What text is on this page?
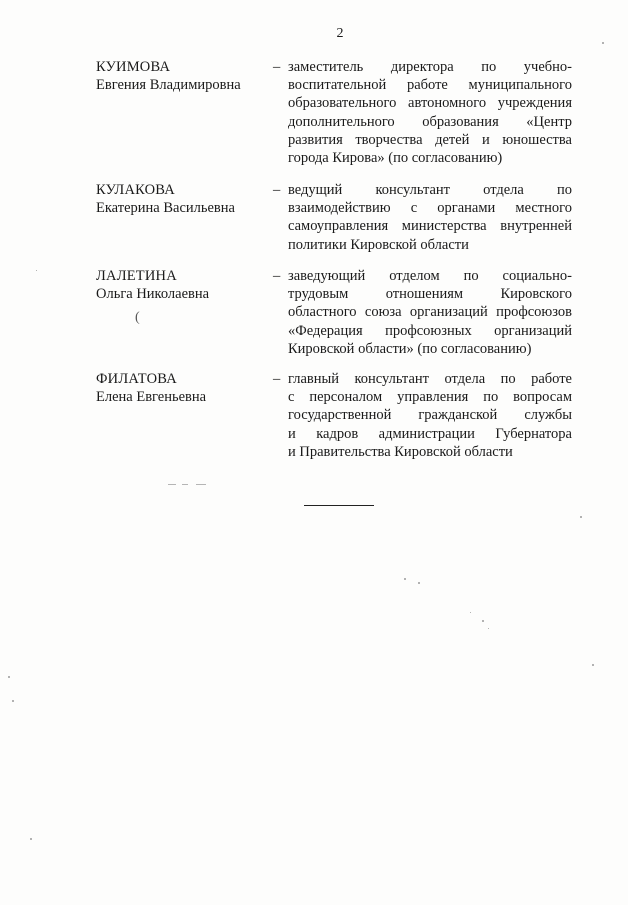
2
КУИМОВА
Евгения Владимировна
– заместитель директора по учебно-
воспитательной работе муниципального
образовательного автономного учреждения
дополнительного образования «Центр
развития творчества детей и юношества
города Кирова» (по согласованию)
КУЛАКОВА
Екатерина Васильевна
– ведущий консультант отдела по
взаимодействию с органами местного
самоуправления министерства внутренней
политики Кировской области
ЛАЛЕТИНА
Ольга Николаевна
– заведующий отделом по социально-
трудовым отношениям Кировского
областного союза организаций профсоюзов
«Федерация профсоюзных организаций
Кировской области» (по согласованию)
ФИЛАТОВА
Елена Евгеньевна
– главный консультант отдела по работе
с персоналом управления по вопросам
государственной гражданской службы
и кадров администрации Губернатора
и Правительства Кировской области
(
